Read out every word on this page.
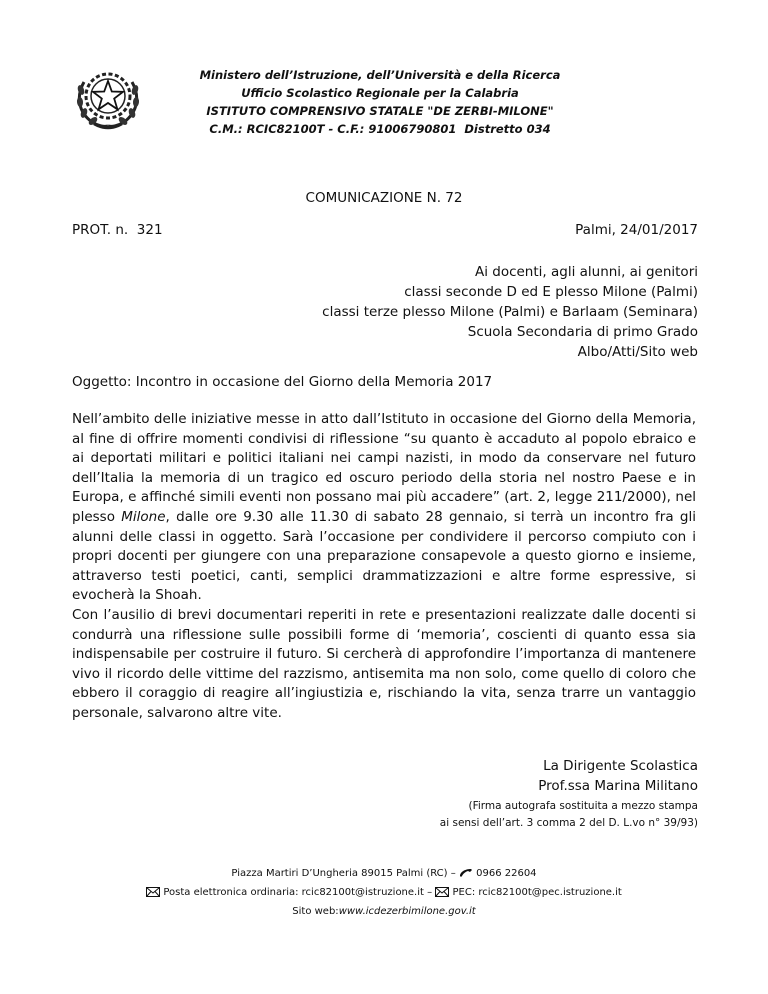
Ministero dell’Istruzione, dell’Università e della Ricerca
Ufficio Scolastico Regionale per la Calabria
ISTITUTO COMPRENSIVO STATALE "DE ZERBI-MILONE"
C.M.: RCIC82100T - C.F.: 91006790801  Distretto 034
COMUNICAZIONE N. 72
PROT. n.  321	Palmi, 24/01/2017
Ai docenti, agli alunni, ai genitori
classi seconde D ed E plesso Milone (Palmi)
classi terze plesso Milone (Palmi) e Barlaam (Seminara)
Scuola Secondaria di primo Grado
Albo/Atti/Sito web
Oggetto: Incontro in occasione del Giorno della Memoria 2017

Nell’ambito delle iniziative messe in atto dall’Istituto in occasione del Giorno della Memoria, al fine di offrire momenti condivisi di riflessione “su quanto è accaduto al popolo ebraico e ai deportati militari e politici italiani nei campi nazisti, in modo da conservare nel futuro dell’Italia la memoria di un tragico ed oscuro periodo della storia nel nostro Paese e in Europa, e affinché simili eventi non possano mai più accadere” (art. 2, legge 211/2000), nel plesso Milone, dalle ore 9.30 alle 11.30 di sabato 28 gennaio, si terrà un incontro fra gli alunni delle classi in oggetto. Sarà l’occasione per condividere il percorso compiuto con i propri docenti per giungere con una preparazione consapevole a questo giorno e insieme, attraverso testi poetici, canti, semplici drammatizzazioni e altre forme espressive, si evocherà la Shoah.

Con l’ausilio di brevi documentari reperiti in rete e presentazioni realizzate dalle docenti si condurrà una riflessione sulle possibili forme di ‘memoria’, coscienti di quanto essa sia indispensabile per costruire il futuro. Si cercherà di approfondire l’importanza di mantenere vivo il ricordo delle vittime del razzismo, antisemita ma non solo, come quello di coloro che ebbero il coraggio di reagire all’ingiustizia e, rischiando la vita, senza trarre un vantaggio personale, salvarono altre vite.

La Dirigente Scolastica
Prof.ssa Marina Militano
(Firma autografa sostituita a mezzo stampa
ai sensi dell’art. 3 comma 2 del D. L.vo n° 39/93)
Piazza Martiri D’Ungheria 89015 Palmi (RC) –  0966 22604
Posta elettronica ordinaria: rcic82100t@istruzione.it –  PEC: rcic82100t@pec.istruzione.it
Sito web:www.icdezerbimilone.gov.it
